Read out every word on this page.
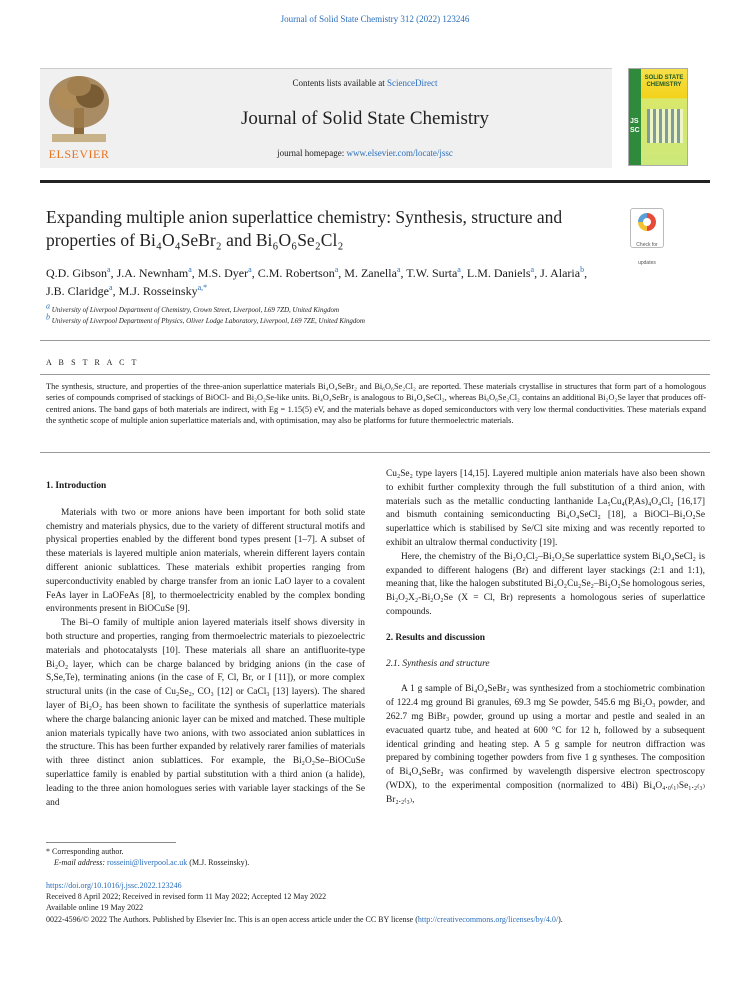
Journal of Solid State Chemistry 312 (2022) 123246
ELSEVIER
Contents lists available at ScienceDirect
Journal of Solid State Chemistry
journal homepage: www.elsevier.com/locate/jssc
SOLID STATE CHEMISTRY
JSSC
Expanding multiple anion superlattice chemistry: Synthesis, structure and properties of Bi₄O₄SeBr₂ and Bi₆O₆Se₂Cl₂	Check for updates
Q.D. Gibson$^a$, J.A. Newnham$^a$, M.S. Dyer$^a$, C.M. Robertson$^a$, M. Zanella$^a$, T.W. Surta$^a$, L.M. Daniels$^a$, J. Alaria$^b$, J.B. Claridge$^a$, M.J. Rosseinsky$^{a,*}$
a University of Liverpool Department of Chemistry, Crown Street, Liverpool, L69 7ZD, United Kingdom
b University of Liverpool Department of Physics, Oliver Lodge Laboratory, Liverpool, L69 7ZE, United Kingdom
A B S T R A C T
The synthesis, structure, and properties of the three-anion superlattice materials Bi₄O₄SeBr₂ and Bi₆O₆Se₂Cl₂ are reported. These materials crystallise in structures that form part of a homologous series of compounds comprised of stackings of BiOCl- and Bi₂O₂Se-like units. Bi₄O₄SeBr₂ is analogous to Bi₄O₄SeCl₂, whereas Bi₆O₆Se₂Cl₂ contains an additional Bi₂O₂Se layer that produces off-centred anions. The band gaps of both materials are indirect, with Eg = 1.15(5) eV, and the materials behave as doped semiconductors with very low thermal conductivities. These materials expand the synthetic scope of multiple anion superlattice materials and, with optimisation, may also be platforms for future thermoelectric materials.
1. Introduction

Materials with two or more anions have been important for both solid state chemistry and materials physics, due to the variety of different structural motifs and physical properties enabled by the different bond types present [1–7]. A subset of these materials is layered multiple anion materials, wherein different layers contain different anionic sublattices. These materials exhibit properties ranging from superconductivity enabled by charge transfer from an ionic LaO layer to a covalent FeAs layer in LaOFeAs [8], to thermoelectricity enabled by the complex bonding environments present in BiOCuSe [9].

The Bi–O family of multiple anion layered materials itself shows diversity in both structure and properties, ranging from thermoelectric materials to piezoelectric materials and photocatalysts [10]. These materials all share an antifluorite-type Bi₂O₂ layer, which can be charge balanced by bridging anions (in the case of S,Se,Te), terminating anions (in the case of F, Cl, Br, or I [11]), or more complex structural units (in the case of Cu₂Se₂, CO₃ [12] or CaCl₃ [13] layers). The shared layer of Bi₂O₂ has been shown to facilitate the synthesis of superlattice materials where the charge balancing anionic layer can be mixed and matched. These multiple anion materials typically have two anions, with two associated anion sublattices in the structure. This has been further expanded by relatively rarer families of materials with three distinct anion sublattices. For example, the Bi₂O₂Se–BiOCuSe superlattice family is enabled by partial substitution with a third anion (a halide), leading to the three anion homologues series with variable layer stackings of the Se and

Cu₂Se₂ type layers [14,15]. Layered multiple anion materials have also been shown to exhibit further complexity through the full substitution of a third anion, with materials such as the metallic conducting lanthanide La₅Cu₄(P,As)₄O₄Cl₂ [16,17] and bismuth containing semiconducting Bi₄O₄SeCl₂ [18], a BiOCl–Bi₂O₂Se superlattice which is stabilised by Se/Cl site mixing and was recently reported to exhibit an ultralow thermal conductivity [19].

Here, the chemistry of the Bi₂O₂Cl₂–Bi₂O₂Se superlattice system Bi₄O₄SeCl₂ is expanded to different halogens (Br) and different layer stackings (2:1 and 1:1), meaning that, like the halogen substituted Bi₂O₂Cu₂Se₂–Bi₂O₂Se homologous series, Bi₂O₂X₂-Bi₂O₂Se (X = Cl, Br) represents a homologous series of superlattice compounds.

2. Results and discussion
2.1. Synthesis and structure

A 1 g sample of Bi₄O₄SeBr₂ was synthesized from a stochiometric combination of 122.4 mg ground Bi granules, 69.3 mg Se powder, 545.6 mg Bi₂O₃ powder, and 262.7 mg BiBr₃ powder, ground up using a mortar and pestle and sealed in an evacuated quartz tube, and heated at 600 °C for 12 h, followed by a subsequent identical grinding and heating step. A 5 g sample for neutron diffraction was prepared by combining together powders from five 1 g syntheses. The composition of Bi₄O₄SeBr₂ was confirmed by wavelength dispersive electron spectroscopy (WDX), to the experimental composition (normalized to 4Bi) Bi₄O₄.₀₍₁₎Se₁.₂₍₃₎Br₂.₂₍₃₎,

* Corresponding author.
E-mail address: rosseini@liverpool.ac.uk (M.J. Rosseinsky).
https://doi.org/10.1016/j.jssc.2022.123246
Received 8 April 2022; Received in revised form 11 May 2022; Accepted 12 May 2022
Available online 19 May 2022
0022-4596/© 2022 The Authors. Published by Elsevier Inc. This is an open access article under the CC BY license (http://creativecommons.org/licenses/by/4.0/).
